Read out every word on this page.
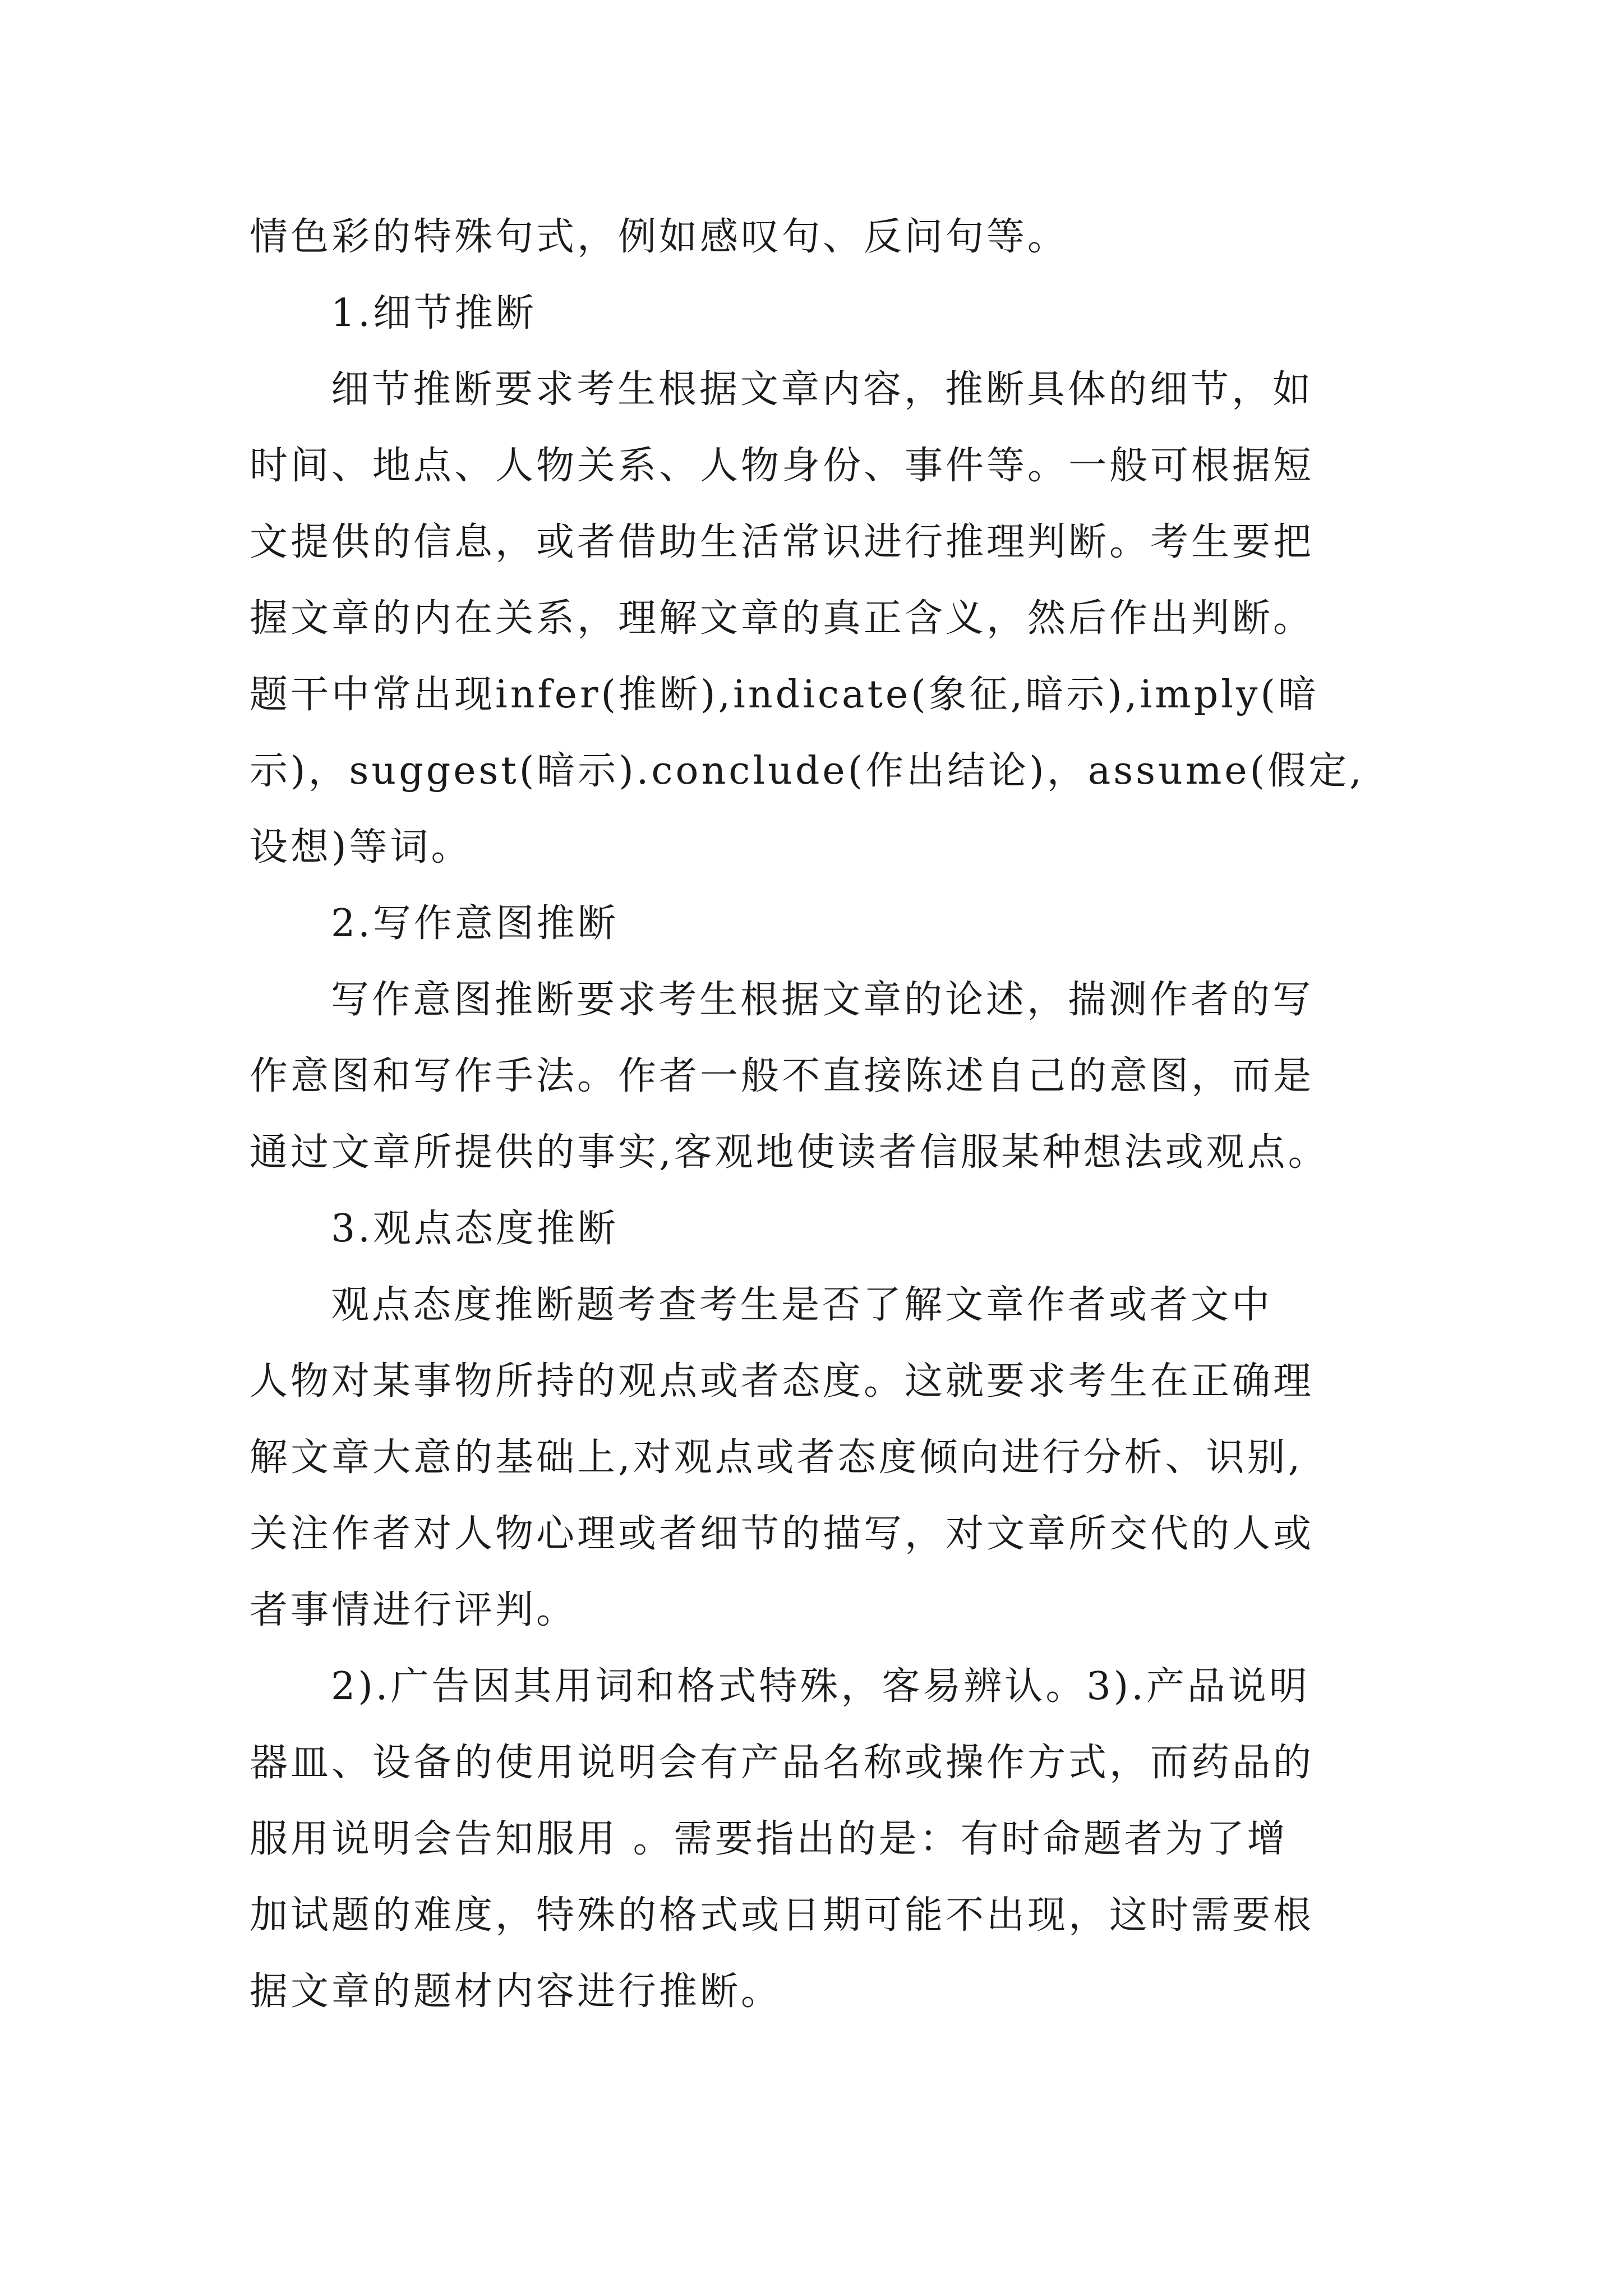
情色彩的特殊句式，例如感叹句、反问句等。
1.细节推断
细节推断要求考生根据文章内容，推断具体的细节，如
时间、地点、人物关系、人物身份、事件等。一般可根据短
文提供的信息，或者借助生活常识进行推理判断。考生要把
握文章的内在关系，理解文章的真正含义，然后作出判断。
题干中常出现infer(推断),indicate(象征,暗示),imply(暗
示)，suggest(暗示).conclude(作出结论)，assume(假定,
设想)等词。
2.写作意图推断
写作意图推断要求考生根据文章的论述，揣测作者的写
作意图和写作手法。作者一般不直接陈述自己的意图，而是
通过文章所提供的事实,客观地使读者信服某种想法或观点。
3.观点态度推断
观点态度推断题考查考生是否了解文章作者或者文中
人物对某事物所持的观点或者态度。这就要求考生在正确理
解文章大意的基础上,对观点或者态度倾向进行分析、识别,
关注作者对人物心理或者细节的描写，对文章所交代的人或
者事情进行评判。
2).广告因其用词和格式特殊，客易辨认。3).产品说明
器皿、设备的使用说明会有产品名称或操作方式，而药品的
服用说明会告知服用 。需要指出的是：有时命题者为了增
加试题的难度，特殊的格式或日期可能不出现，这时需要根
据文章的题材内容进行推断。
